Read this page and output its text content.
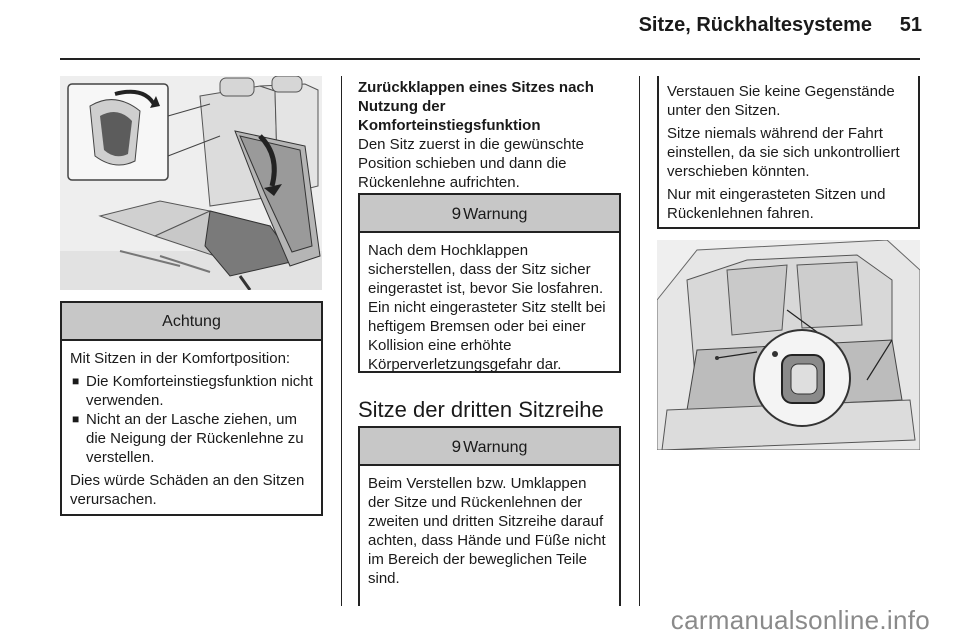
Sitze, Rückhaltesysteme 51
Achtung

Mit Sitzen in der Komfortposition:

■ Die Komforteinstiegsfunktion nicht verwenden.
■ Nicht an der Lasche ziehen, um die Neigung der Rückenlehne zu verstellen.

Dies würde Schäden an den Sitzen verursachen.

Zurückklappen eines Sitzes nach Nutzung der Komforteinstiegsfunktion
Den Sitz zuerst in die gewünschte Position schieben und dann die Rückenlehne aufrichten.
9 Warnung
Nach dem Hochklappen sicherstellen, dass der Sitz sicher eingerastet ist, bevor Sie losfahren. Ein nicht eingerasteter Sitz stellt bei heftigem Bremsen oder bei einer Kollision eine erhöhte Körperverletzungsgefahr dar.
Sitze der dritten Sitzreihe
9 Warnung
Beim Verstellen bzw. Umklappen der Sitze und Rückenlehnen der zweiten und dritten Sitzreihe darauf achten, dass Hände und Füße nicht im Bereich der beweglichen Teile sind.

Verstauen Sie keine Gegenstände unter den Sitzen.

Sitze niemals während der Fahrt einstellen, da sie sich unkontrolliert verschieben könnten.

Nur mit eingerasteten Sitzen und Rückenlehnen fahren.

carmanualsonline.info
